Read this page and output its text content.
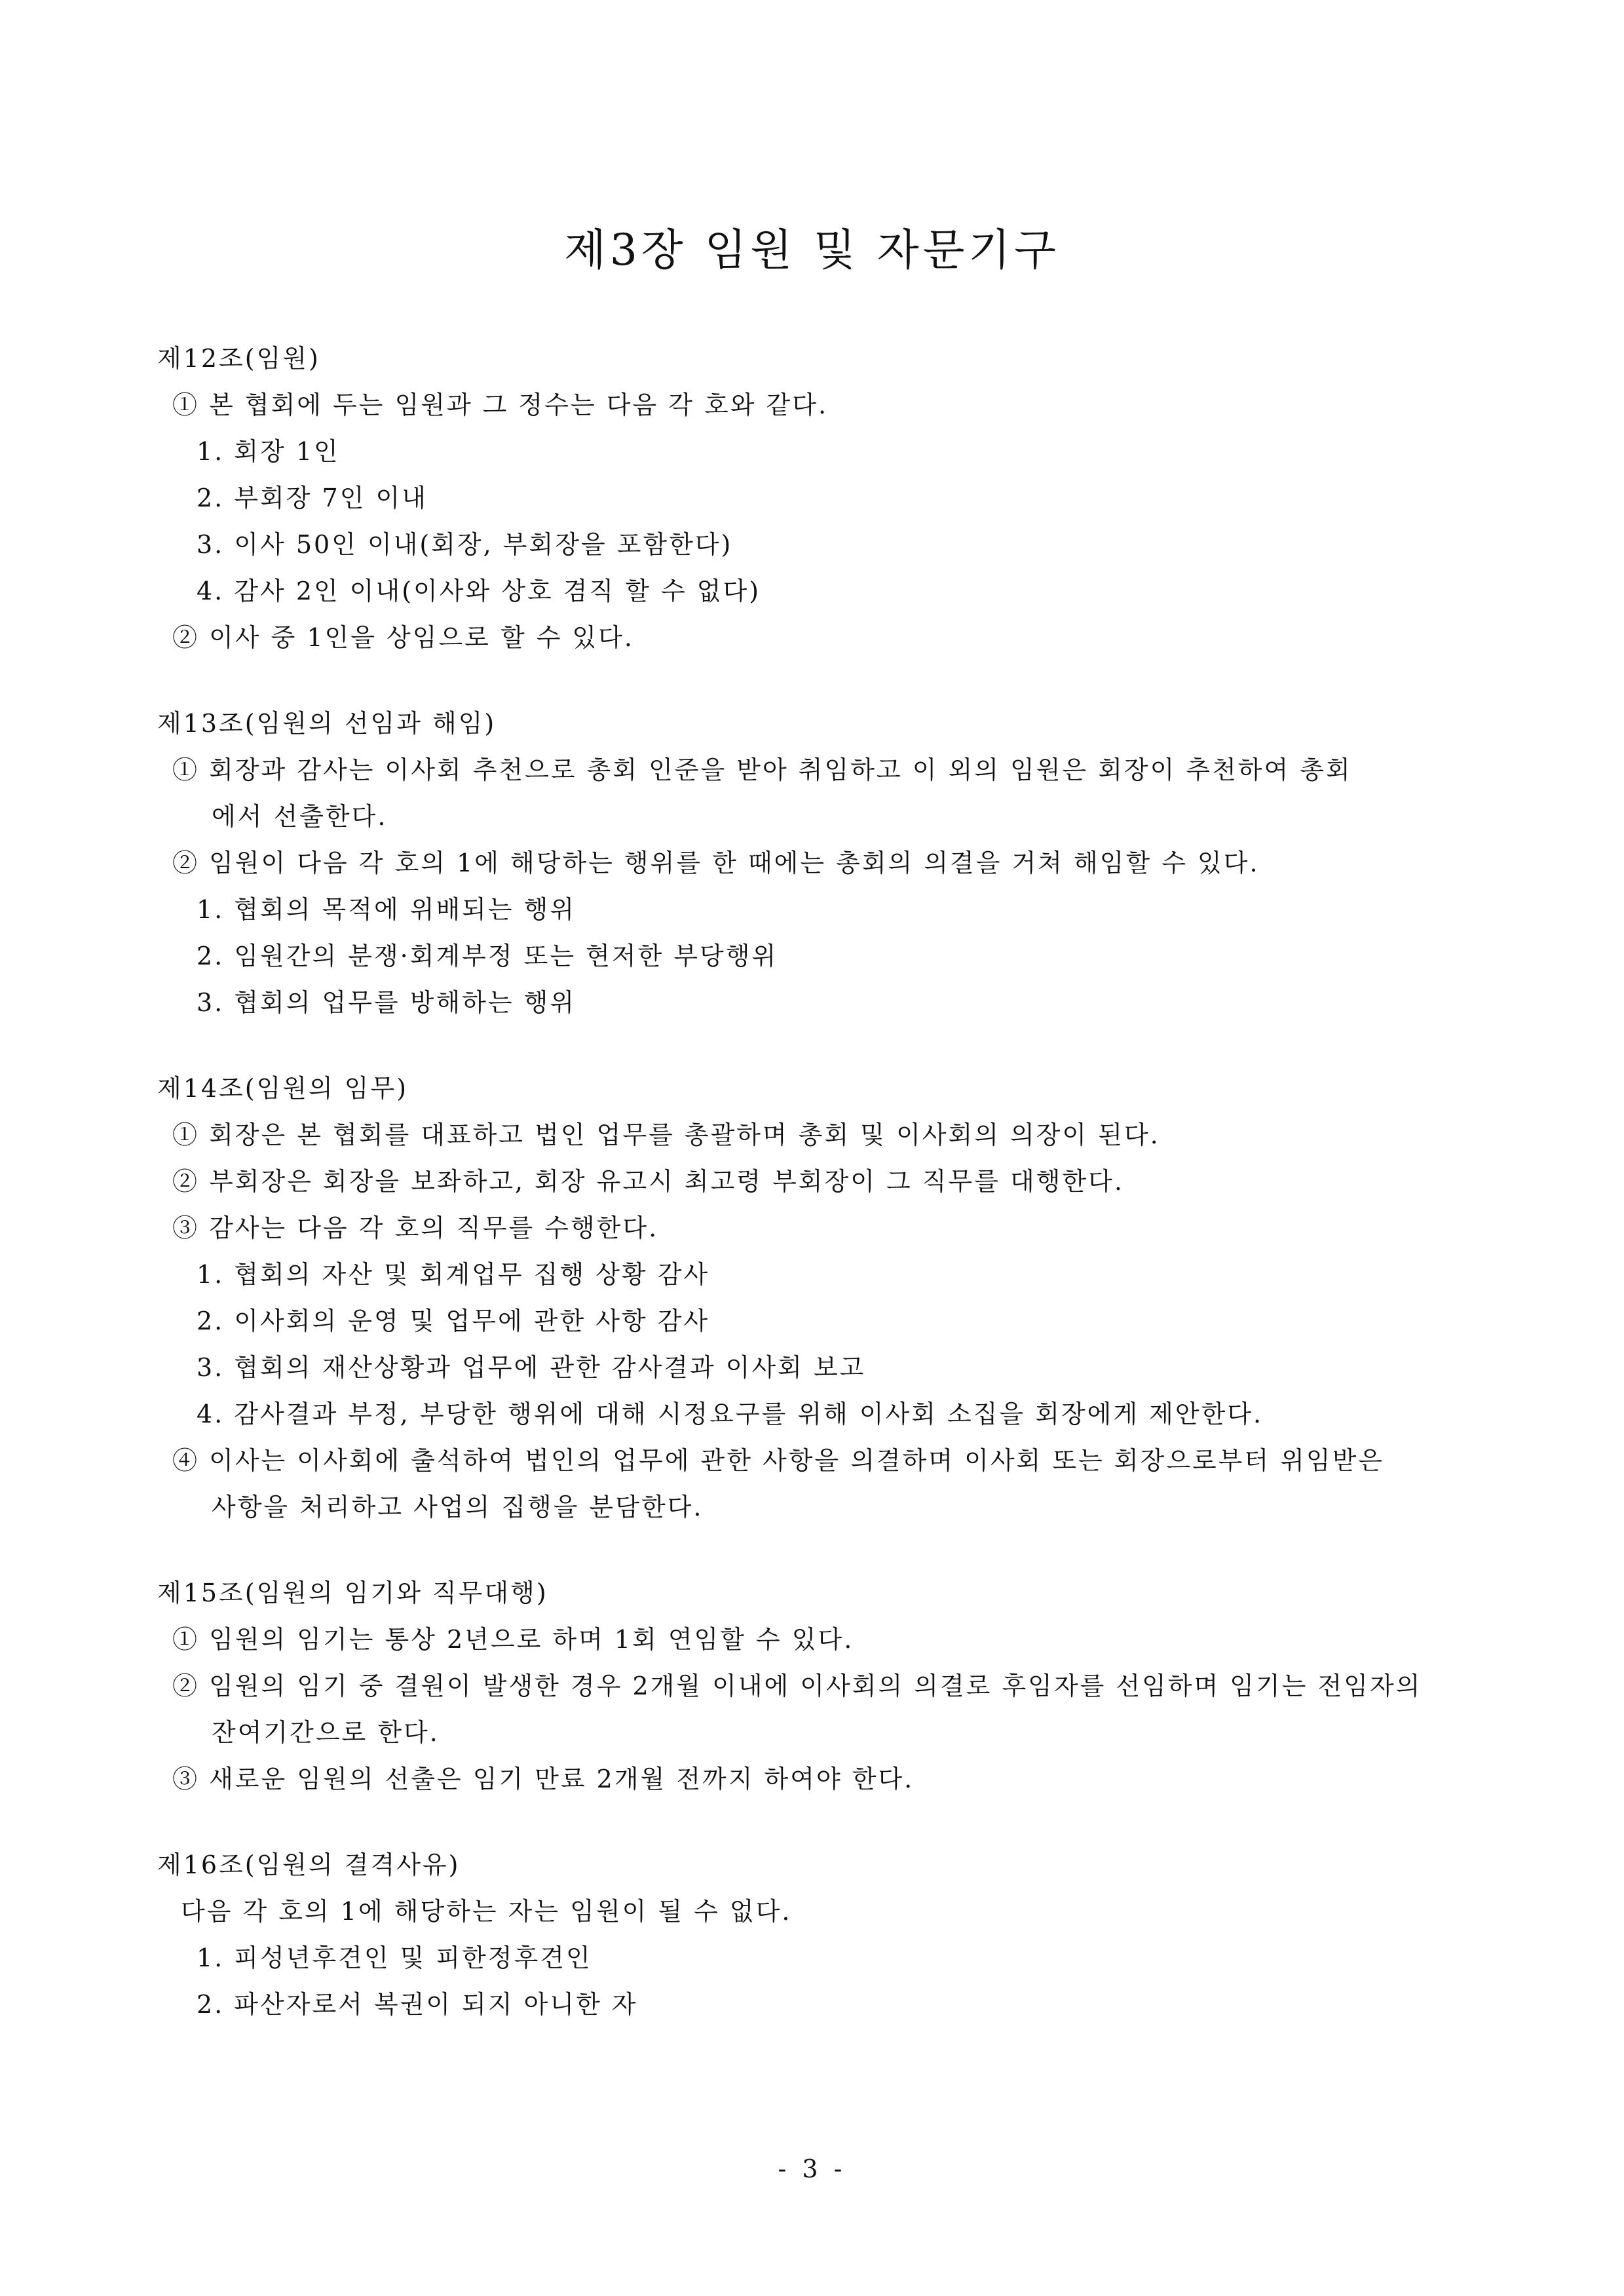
제3장 임원 및 자문기구
제12조(임원)
① 본 협회에 두는 임원과 그 정수는 다음 각 호와 같다.
1. 회장 1인
2. 부회장 7인 이내
3. 이사 50인 이내(회장, 부회장을 포함한다)
4. 감사 2인 이내(이사와 상호 겸직 할 수 없다)
② 이사 중 1인을 상임으로 할 수 있다.
제13조(임원의 선임과 해임)
① 회장과 감사는 이사회 추천으로 총회 인준을 받아 취임하고 이 외의 임원은 회장이 추천하여 총회
에서 선출한다.
② 임원이 다음 각 호의 1에 해당하는 행위를 한 때에는 총회의 의결을 거쳐 해임할 수 있다.
1. 협회의 목적에 위배되는 행위
2. 임원간의 분쟁·회계부정 또는 현저한 부당행위
3. 협회의 업무를 방해하는 행위
제14조(임원의 임무)
① 회장은 본 협회를 대표하고 법인 업무를 총괄하며 총회 및 이사회의 의장이 된다.
② 부회장은 회장을 보좌하고, 회장 유고시 최고령 부회장이 그 직무를 대행한다.
③ 감사는 다음 각 호의 직무를 수행한다.
1. 협회의 자산 및 회계업무 집행 상황 감사
2. 이사회의 운영 및 업무에 관한 사항 감사
3. 협회의 재산상황과 업무에 관한 감사결과 이사회 보고
4. 감사결과 부정, 부당한 행위에 대해 시정요구를 위해 이사회 소집을 회장에게 제안한다.
④ 이사는 이사회에 출석하여 법인의 업무에 관한 사항을 의결하며 이사회 또는 회장으로부터 위임받은
사항을 처리하고 사업의 집행을 분담한다.
제15조(임원의 임기와 직무대행)
① 임원의 임기는 통상 2년으로 하며 1회 연임할 수 있다.
② 임원의 임기 중 결원이 발생한 경우 2개월 이내에 이사회의 의결로 후임자를 선임하며 임기는 전임자의
잔여기간으로 한다.
③ 새로운 임원의 선출은 임기 만료 2개월 전까지 하여야 한다.
제16조(임원의 결격사유)
다음 각 호의 1에 해당하는 자는 임원이 될 수 없다.
1. 피성년후견인 및 피한정후견인
2. 파산자로서 복권이 되지 아니한 자
- 3 -
